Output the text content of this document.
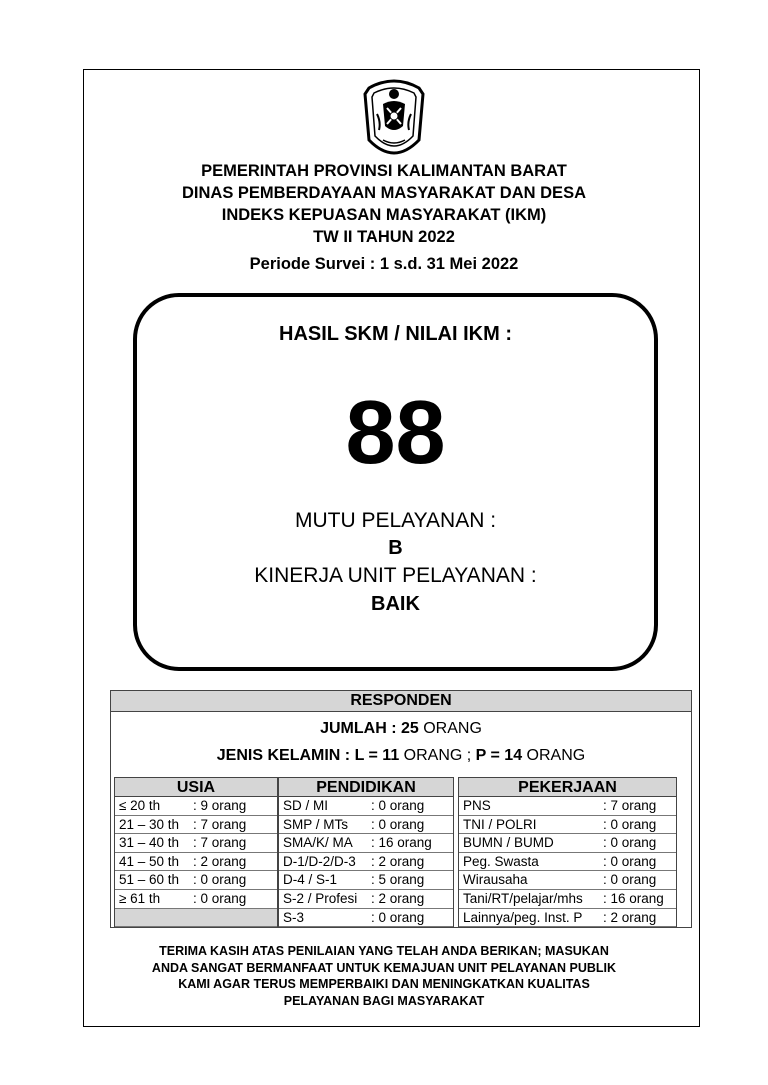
PEMERINTAH PROVINSI KALIMANTAN BARAT
DINAS PEMBERDAYAAN MASYARAKAT DAN DESA
INDEKS KEPUASAN MASYARAKAT (IKM)
TW II TAHUN 2022
Periode Survei : 1 s.d. 31 Mei 2022
HASIL SKM / NILAI IKM :
88
MUTU PELAYANAN :
B
KINERJA UNIT PELAYANAN :
BAIK
RESPONDEN
JUMLAH : 25 ORANG
JENIS KELAMIN : L = 11 ORANG ; P = 14 ORANG
USIA
≤ 20 th : 9 orang
21 – 30 th : 7 orang
31 – 40 th : 7 orang
41 – 50 th : 2 orang
51 – 60 th : 0 orang
≥ 61 th : 0 orang
PENDIDIKAN
SD / MI	: 0 orang
SMP / MTs : 0 orang
SMA/K/ MA : 16 orang
D-1/D-2/D-3 : 2 orang
D-4 / S-1	: 5 orang
S-2 / Profesi : 2 orang
S-3	: 0 orang
PEKERJAAN
PNS	: 7 orang
TNI / POLRI	: 0 orang
BUMN / BUMD	: 0 orang
Peg. Swasta	: 0 orang
Wirausaha	: 0 orang
Tani/RT/pelajar/mhs : 16 orang
Lainnya/peg. Inst. P : 2 orang
TERIMA KASIH ATAS PENILAIAN YANG TELAH ANDA BERIKAN; MASUKAN
ANDA SANGAT BERMANFAAT UNTUK KEMAJUAN UNIT PELAYANAN PUBLIK
KAMI AGAR TERUS MEMPERBAIKI DAN MENINGKATKAN KUALITAS
PELAYANAN BAGI MASYARAKAT
